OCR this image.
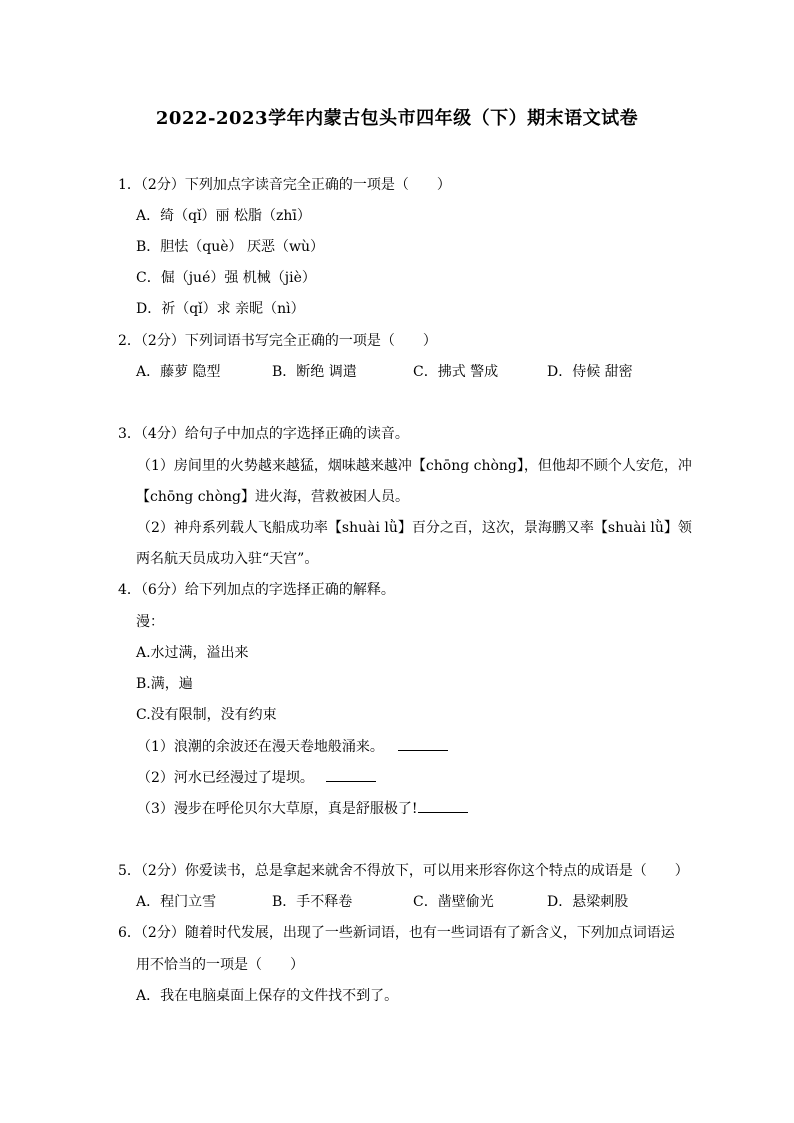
2022-2023学年内蒙古包头市四年级（下）期末语文试卷
1．（2分）下列加点字读音完全正确的一项是（　　）
A．绮（qǐ）丽 松脂（zhī）
B．胆怯（què） 厌恶（wù）
C．倔（jué）强 机械（jiè）
D．祈（qǐ）求 亲昵（nì）
2．（2分）下列词语书写完全正确的一项是（　　）
A．藤萝 隐型	B．断绝 调遣	C．拂式 警成	D．侍候 甜密
3．（4分）给句子中加点的字选择正确的读音。
（1）房间里的火势越来越猛，烟味越来越冲【chōng chòng】，但他却不顾个人安危，冲
【chōng chòng】进火海，营救被困人员。
（2）神舟系列载人飞船成功率【shuài lǜ】百分之百，这次，景海鹏又率【shuài lǜ】领
两名航天员成功入驻“天宫”。
4．（6分）给下列加点的字选择正确的解释。
漫：
A.水过满，溢出来
B.满，遍
C.没有限制，没有约束
（1）浪潮的余波还在漫天卷地般涌来。
（2）河水已经漫过了堤坝。
（3）漫步在呼伦贝尔大草原，真是舒服极了!
5．（2分）你爱读书，总是拿起来就舍不得放下，可以用来形容你这个特点的成语是（　　）
A．程门立雪	B．手不释卷	C．凿壁偷光	D．悬梁刺股
6．（2分）随着时代发展，出现了一些新词语，也有一些词语有了新含义，下列加点词语运
用不恰当的一项是（　　）
A．我在电脑桌面上保存的文件找不到了。
